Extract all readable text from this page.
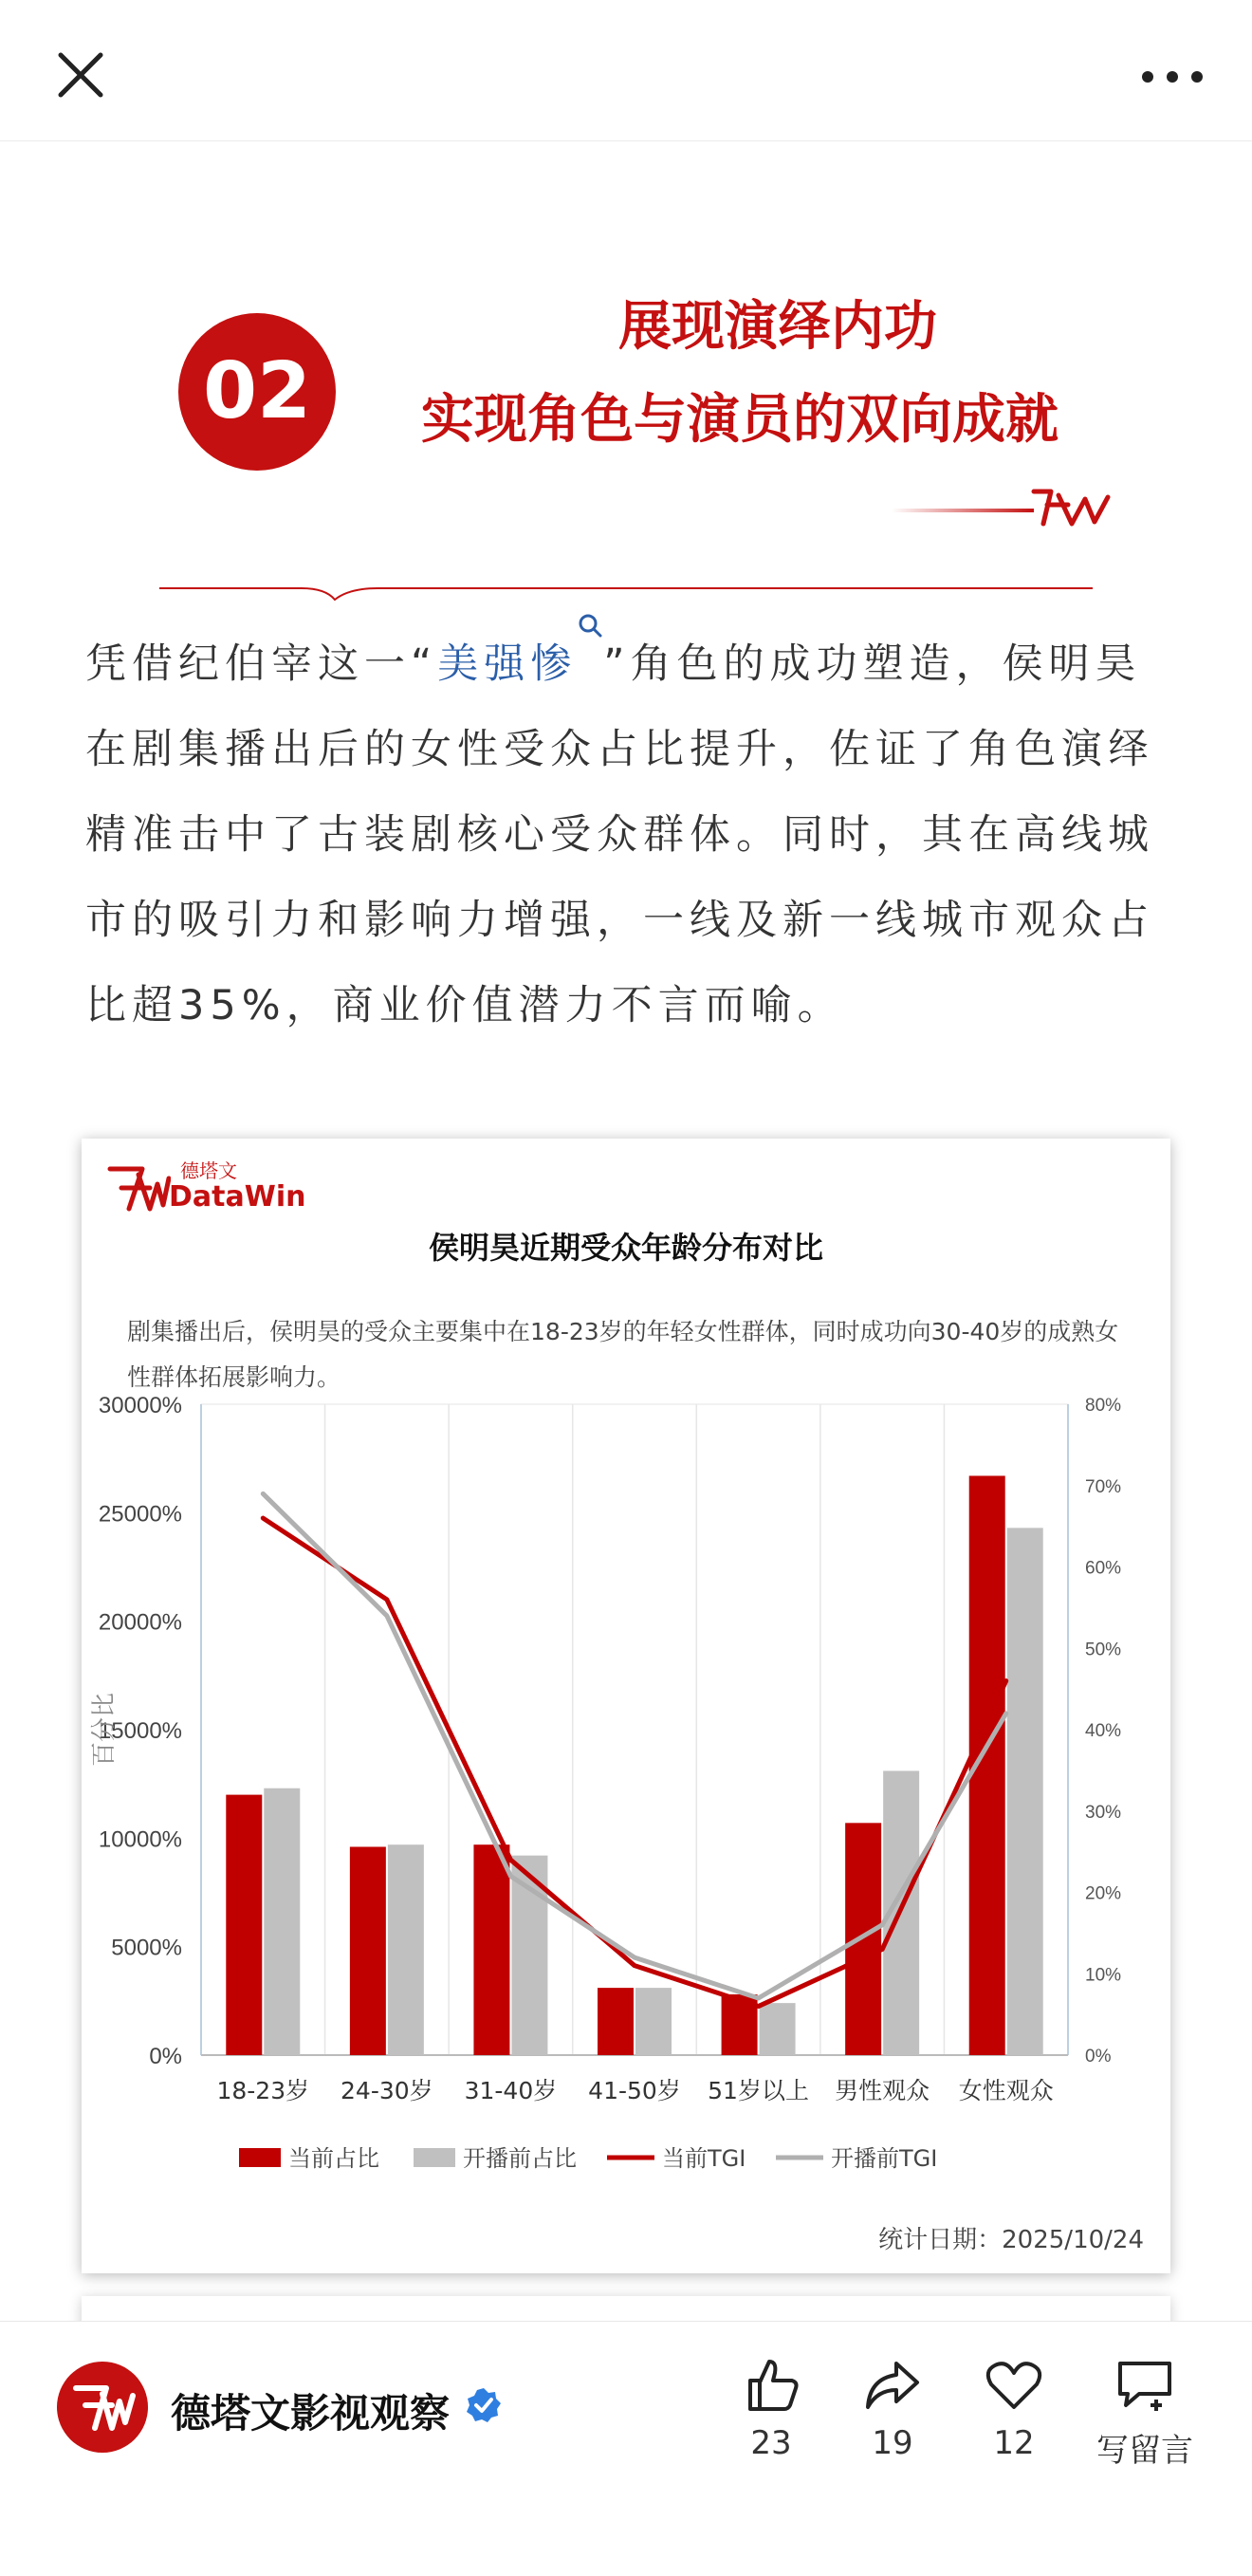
02
展现演绎内功
实现角色与演员的双向成就
凭借纪伯宰这一“美强惨 ”角色的成功塑造，侯明昊在剧集播出后的女性受众占比提升，佐证了角色演绎精准击中了古装剧核心受众群体。同时，其在高线城市的吸引力和影响力增强，一线及新一线城市观众占比超35%，商业价值潜力不言而喻。
0%
5000%
10000%
15000%
20000%
25000%
30000%
0%
10%
20%
30%
40%
50%
60%
70%
80%
百分比
18-23岁 24-30岁 31-40岁 41-50岁 51岁以上 男性观众 女性观众
当前占比	开播前占比	当前TGI	开播前TGI
德塔文
DataWin
侯明昊近期受众年龄分布对比
剧集播出后，侯明昊的受众主要集中在18-23岁的年轻女性群体，同时成功向30-40岁的成熟女性群体拓展影响力。
统计日期：2025/10/24
德塔文影视观察
23	19	12	写留言
